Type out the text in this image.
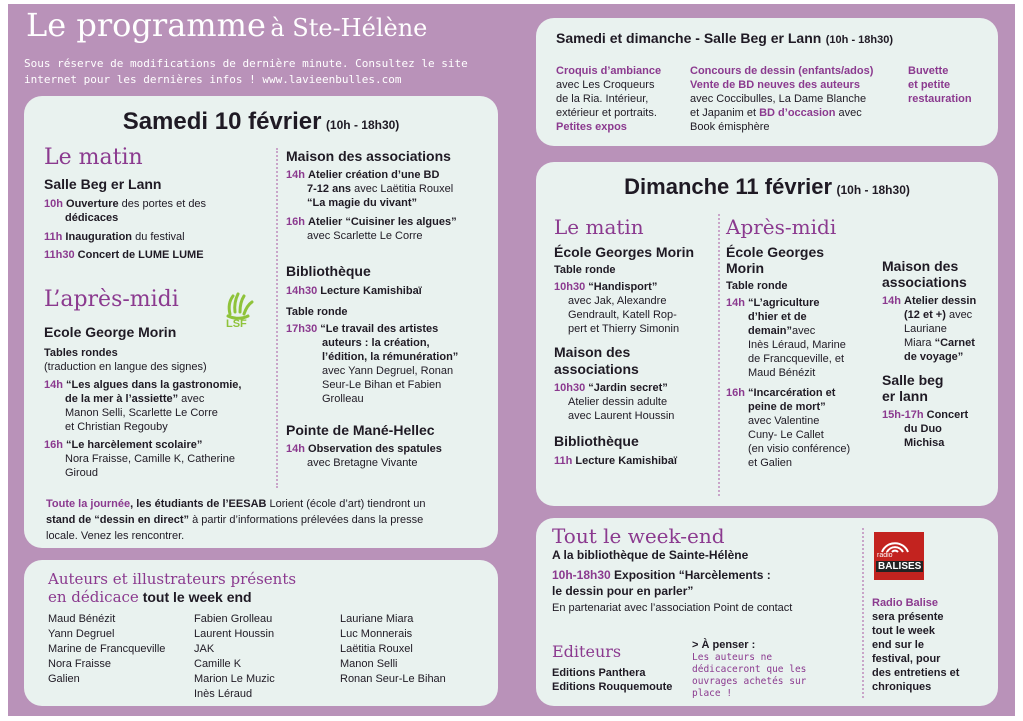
Le programme à Ste-Hélène
Sous réserve de modifications de dernière minute. Consultez le site
internet pour les dernières infos ! www.lavieenbulles.com
Samedi 10 février (10h - 18h30)
Le matin
Salle Beg er Lann
10h Ouverture des portes et des
dédicaces
11h Inauguration du festival
11h30 Concert de LUME LUME
L’après-midi
LSF
Ecole George Morin
Tables rondes
(traduction en langue des signes)
14h “Les algues dans la gastronomie,
de la mer à l’assiette” avec
Manon Selli, Scarlette Le Corre
et Christian Regouby
16h “Le harcèlement scolaire”
Nora Fraisse, Camille K, Catherine
Giroud
Maison des associations
14h Atelier création d’une BD
7-12 ans avec Laëtitia Rouxel
“La magie du vivant”
16h Atelier “Cuisiner les algues”
avec Scarlette Le Corre
Bibliothèque
14h30 Lecture Kamishibaï
Table ronde
17h30 “Le travail des artistes
auteurs : la création,
l’édition, la rémunération”
avec Yann Degruel, Ronan
Seur-Le Bihan et Fabien
Grolleau
Pointe de Mané-Hellec
14h Observation des spatules
avec Bretagne Vivante
Toute la journée, les étudiants de l’EESAB Lorient (école d’art) tiendront un
stand de “dessin en direct” à partir d’informations prélevées dans la presse
locale. Venez les rencontrer.
Auteurs et illustrateurs présents
en dédicace tout le week end
Maud Bénézit
Yann Degruel
Marine de Francqueville
Nora Fraisse
Galien
Fabien Grolleau
Laurent Houssin
JAK
Camille K
Marion Le Muzic
Inès Léraud
Lauriane Miara
Luc Monnerais
Laëtitia Rouxel
Manon Selli
Ronan Seur-Le Bihan
Samedi et dimanche - Salle Beg er Lann (10h - 18h30)
Croquis d’ambiance
avec Les Croqueurs
de la Ria. Intérieur,
extérieur et portraits.
Petites expos
Concours de dessin (enfants/ados)
Vente de BD neuves des auteurs
avec Coccibulles, La Dame Blanche
et Japanim et BD d’occasion avec
Book émisphère
Buvette
et petite
restauration
Dimanche 11 février (10h - 18h30)
Le matin
École Georges Morin
Table ronde
10h30 “Handisport”
avec Jak, Alexandre
Gendrault, Katell Rop-
pert et Thierry Simonin
Maison des associations
10h30 “Jardin secret”
Atelier dessin adulte
avec Laurent Houssin
Bibliothèque
11h Lecture Kamishibaï
Après-midi
École Georges
Morin
Table ronde
14h “L’agriculture
d’hier et de
demain”avec
Inès Léraud, Marine
de Francqueville, et
Maud Bénézit
16h “Incarcération et
peine de mort”
avec Valentine
Cuny- Le Callet
(en visio conférence)
et Galien
Maison des
associations
14h Atelier dessin
(12 et +) avec
Lauriane
Miara “Carnet
de voyage”
Salle beg
er lann
15h-17h Concert
du Duo
Michisa
Tout le week-end
A la bibliothèque de Sainte-Hélène
10h-18h30 Exposition “Harcèlements :
le dessin pour en parler”
En partenariat avec l’association Point de contact
Editeurs
Editions Panthera
Editions Rouquemoute
> À penser :
Les auteurs ne
dédicaceront que les
ouvrages achetés sur
place !
radio
BALISES
Radio Balise
sera présente
tout le week
end sur le
festival, pour
des entretiens et
chroniques
